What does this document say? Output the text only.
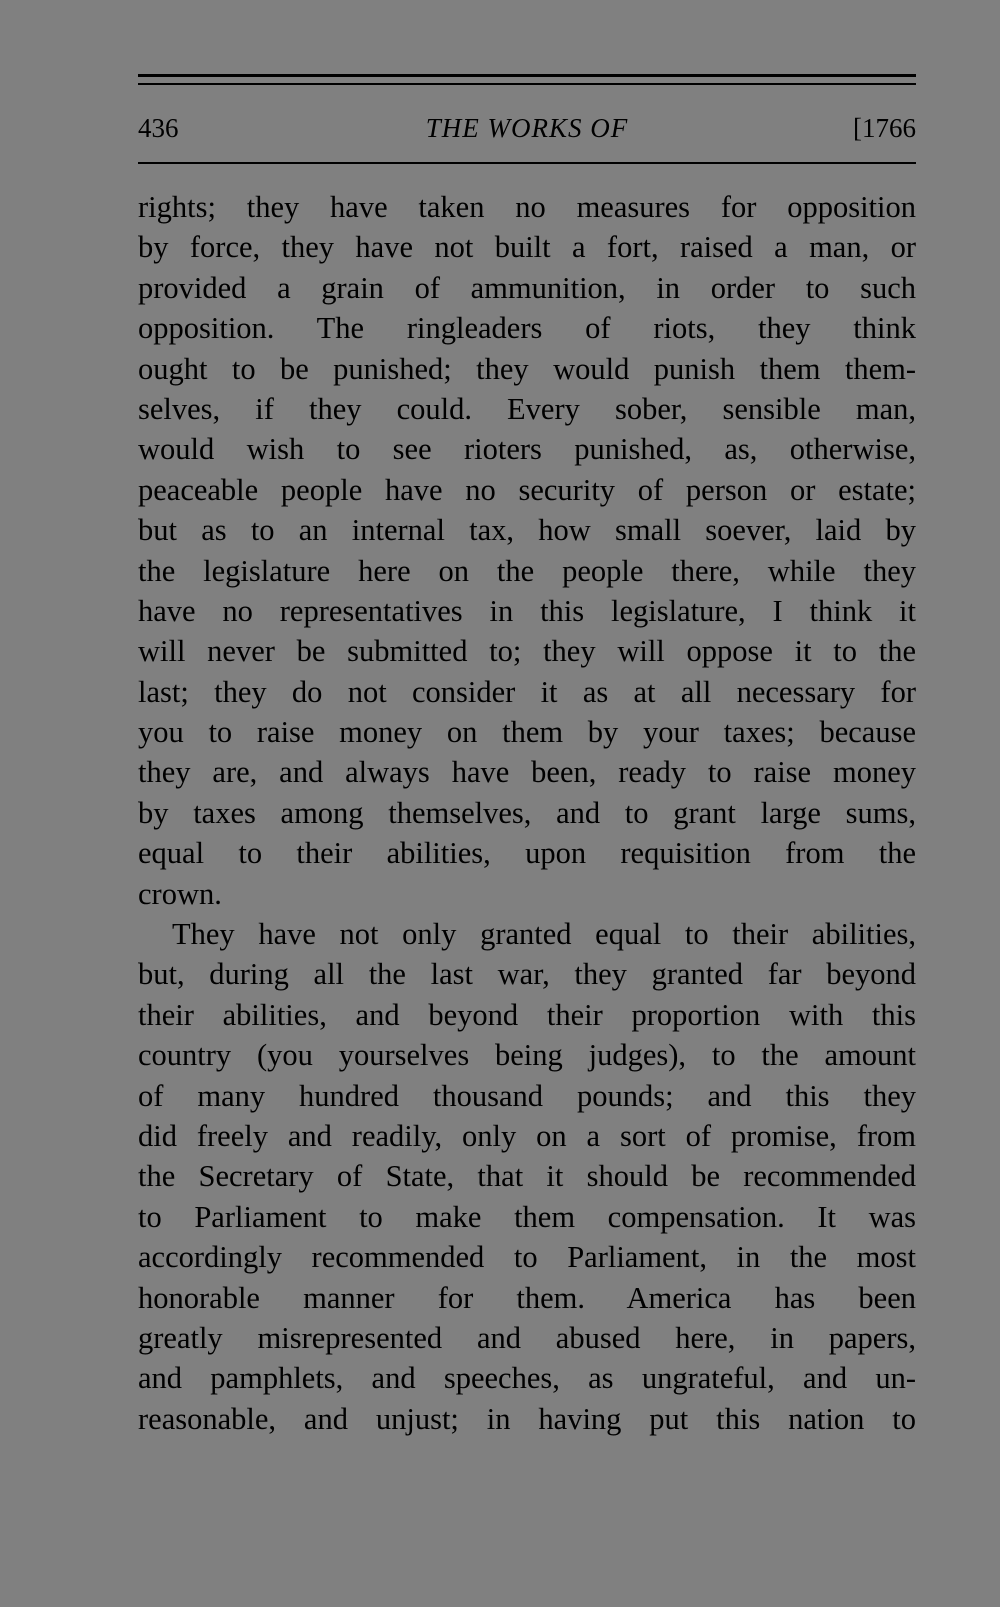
436	THE WORKS OF	[1766
rights; they have taken no measures for opposition
by force, they have not built a fort, raised a man, or
provided a grain of ammunition, in order to such
opposition. The ringleaders of riots, they think
ought to be punished; they would punish them them-
selves, if they could. Every sober, sensible man,
would wish to see rioters punished, as, otherwise,
peaceable people have no security of person or estate;
but as to an internal tax, how small soever, laid by
the legislature here on the people there, while they
have no representatives in this legislature, I think it
will never be submitted to; they will oppose it to the
last; they do not consider it as at all necessary for
you to raise money on them by your taxes; because
they are, and always have been, ready to raise money
by taxes among themselves, and to grant large sums,
equal to their abilities, upon requisition from the
crown.
They have not only granted equal to their abilities,
but, during all the last war, they granted far beyond
their abilities, and beyond their proportion with this
country (you yourselves being judges), to the amount
of many hundred thousand pounds; and this they
did freely and readily, only on a sort of promise, from
the Secretary of State, that it should be recommended
to Parliament to make them compensation. It was
accordingly recommended to Parliament, in the most
honorable manner for them. America has been
greatly misrepresented and abused here, in papers,
and pamphlets, and speeches, as ungrateful, and un-
reasonable, and unjust; in having put this nation to
